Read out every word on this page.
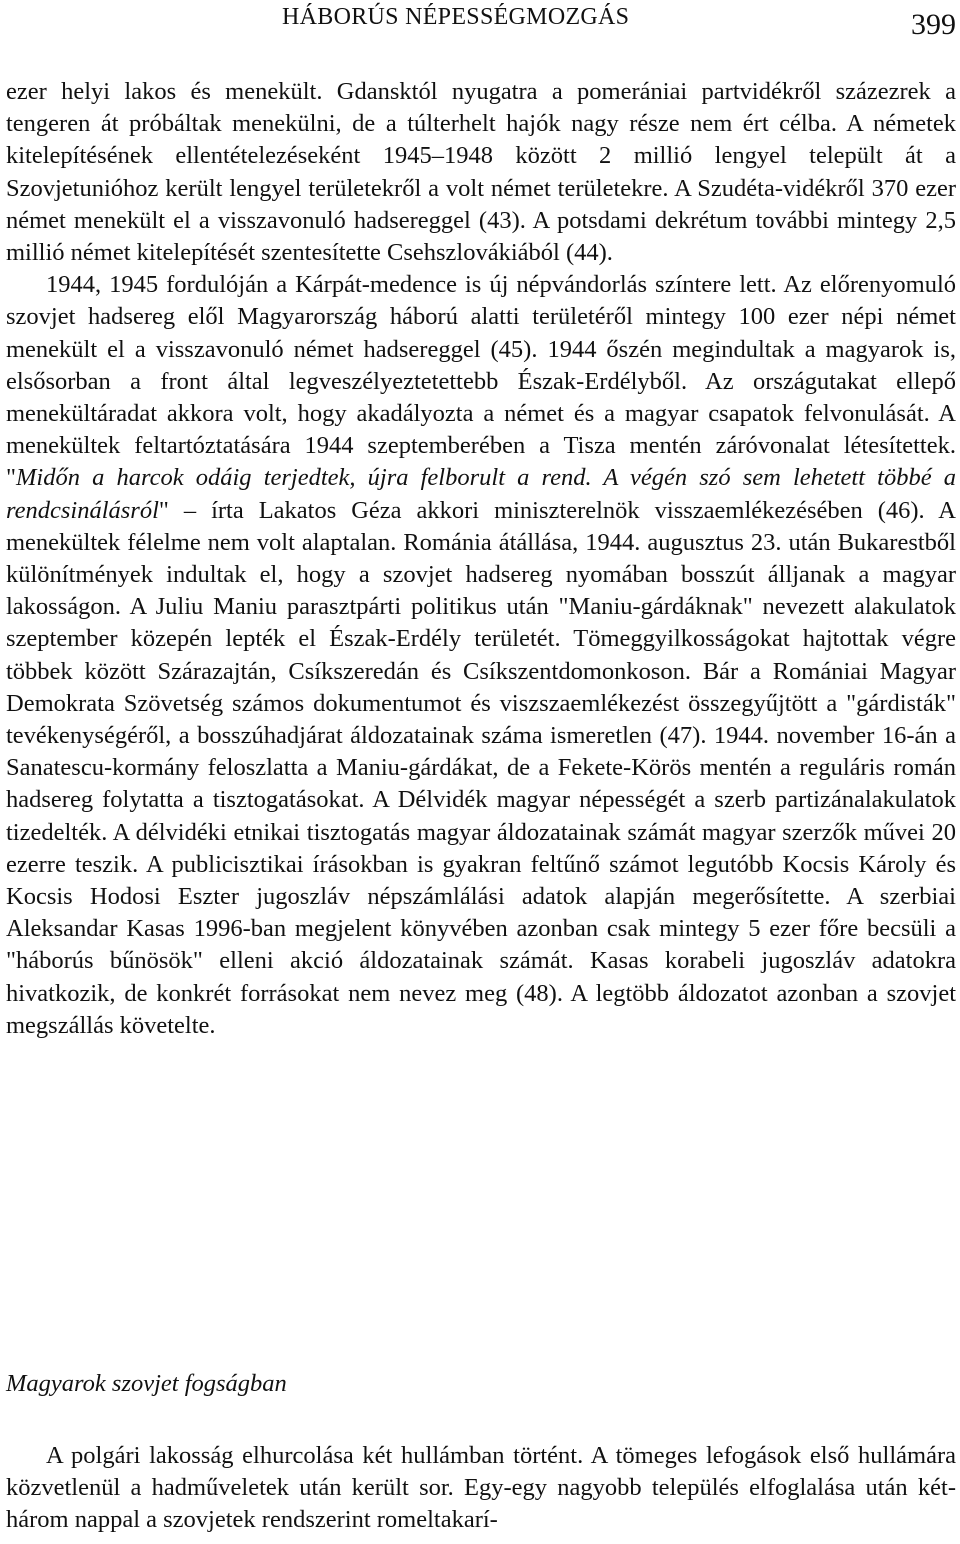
HÁBORÚS NÉPESSÉGMOZGÁS	399

ezer helyi lakos és menekült. Gdansktól nyugatra a pomerániai partvidékről százezrek a tengeren át próbáltak menekülni, de a túlterhelt hajók nagy része nem ért célba. A németek kitelepítésének ellentételezéseként 1945–1948 között 2 millió lengyel települt át a Szovjetunióhoz került lengyel területekről a volt német területekre. A Szudéta-vidékről 370 ezer német menekült el a visszavonuló hadsereggel (43). A potsdami dekrétum további mintegy 2,5 millió német kitelepítését szentesítette Csehszlovákiából (44).

1944, 1945 fordulóján a Kárpát-medence is új népvándorlás színtere lett. Az előrenyomuló szovjet hadsereg elől Magyarország háború alatti területéről mintegy 100 ezer népi német menekült el a visszavonuló német hadsereggel (45). 1944 őszén megindultak a magyarok is, elsősorban a front által legveszélyeztetettebb Észak-Erdélyből. Az országutakat ellepő menekültáradat akkora volt, hogy akadályozta a német és a magyar csapatok felvonulását. A menekültek feltartóztatására 1944 szeptemberében a Tisza mentén záróvonalat létesítettek. "Midőn a harcok odáig terjedtek, újra felborult a rend. A végén szó sem lehetett többé a rendcsinálásról" – írta Lakatos Géza akkori miniszterelnök visszaemlékezésében (46). A menekültek félelme nem volt alaptalan. Románia átállása, 1944. augusztus 23. után Bukarestből különítmények indultak el, hogy a szovjet hadsereg nyomában bosszút álljanak a magyar lakosságon. A Juliu Maniu parasztpárti politikus után "Maniu-gárdáknak" nevezett alakulatok szeptember közepén lepték el Észak-Erdély területét. Tömeggyilkosságokat hajtottak végre többek között Szárazajtán, Csíkszeredán és Csíkszentdomonkoson. Bár a Romániai Magyar Demokrata Szövetség számos dokumentumot és viszszaemlékezést összegyűjtött a "gárdisták" tevékenységéről, a bosszúhadjárat áldozatainak száma ismeretlen (47). 1944. november 16-án a Sanatescu-kormány feloszlatta a Maniu-gárdákat, de a Fekete-Körös mentén a reguláris román hadsereg folytatta a tisztogatásokat. A Délvidék magyar népességét a szerb partizánalakulatok tizedelték. A délvidéki etnikai tisztogatás magyar áldozatainak számát magyar szerzők művei 20 ezerre teszik. A publicisztikai írásokban is gyakran feltűnő számot legutóbb Kocsis Károly és Kocsis Hodosi Eszter jugoszláv népszámlálási adatok alapján megerősítette. A szerbiai Aleksandar Kasas 1996-ban megjelent könyvében azonban csak mintegy 5 ezer főre becsüli a "háborús bűnösök" elleni akció áldozatainak számát. Kasas korabeli jugoszláv adatokra hivatkozik, de konkrét forrásokat nem nevez meg (48). A legtöbb áldozatot azonban a szovjet megszállás követelte.

Magyarok szovjet fogságban

A polgári lakosság elhurcolása két hullámban történt. A tömeges lefogások első hullámára közvetlenül a hadműveletek után került sor. Egy-egy nagyobb település elfoglalása után két-három nappal a szovjetek rendszerint romeltakarí-
